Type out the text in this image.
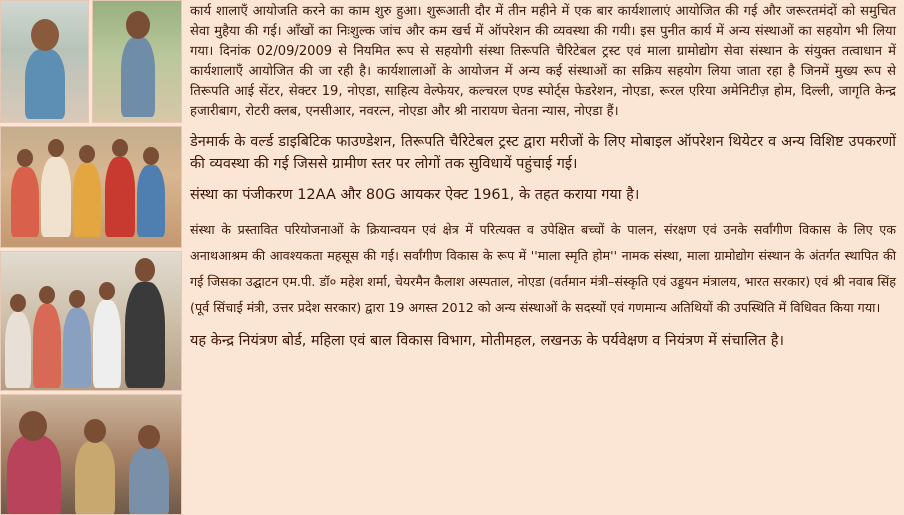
कार्य शालाएँ आयोजति करने का काम शुरु हुआ। शुरूआती दौर में तीन महीने में एक बार कार्यशालाएं आयोजित की गई और जरूरतमंदों को समुचित सेवा मुहैया की गई। आँखों का निःशुल्क जांच और कम खर्च में ऑपरेशन की व्यवस्था की गयी। इस पुनीत कार्य में अन्य संस्थाओं का सहयोग भी लिया गया। दिनांक 02/09/2009 से नियमित रूप से सहयोगी संस्था तिरूपति चैरिटेबल ट्रस्ट एवं माला ग्रामोद्योग सेवा संस्थान के संयुक्त तत्वाधान में कार्यशालाएँ आयोजित की जा रही है। कार्यशालाओं के आयोजन में अन्य कई संस्थाओं का सक्रिय सहयोग लिया जाता रहा है जिनमें मुख्य रूप से तिरूपति आई सेंटर, सेक्टर 19, नोएडा, साहित्य वेल्फेयर, कल्चरल एण्ड स्पोर्ट्स फेडरेशन, नोएडा, रूरल एरिया अमेनिटीज़ होम, दिल्ली, जागृति केन्द्र हजारीबाग, रोटरी क्लब, एनसीआर, नवरत्न, नोएडा और श्री नारायण चेतना न्यास, नोएडा हैं।

डेनमार्क के वर्ल्ड डाइबिटिक फाउण्डेशन, तिरूपति चैरिटेबल ट्रस्ट द्वारा मरीजों के लिए मोबाइल ऑपरेशन थियेटर व अन्य विशिष्ट उपकरणों की व्यवस्था की गई जिससे ग्रामीण स्तर पर लोगों तक सुविधायें पहुंचाई गई।

संस्था का पंजीकरण 12AA और 80G आयकर ऐक्ट 1961, के तहत कराया गया है।

संस्था के प्रस्तावित परियोजनाओं के क्रियान्वयन एवं क्षेत्र में परित्यक्त व उपेक्षित बच्चों के पालन, संरक्षण एवं उनके सर्वांगीण विकास के लिए एक अनाथआश्रम की आवश्यकता महसूस की गई। सर्वांगीण विकास के रूप में ''माला स्मृति होम'' नामक संस्था, माला ग्रामोद्योग संस्थान के अंतर्गत स्थापित की गई जिसका उद्घाटन एम.पी. डॉ० महेश शर्मा, चेयरमैन कैलाश अस्पताल, नोएडा (वर्तमान मंत्री–संस्कृति एवं उड्डयन मंत्रालय, भारत सरकार) एवं श्री नवाब सिंह (पूर्व सिंचाई मंत्री, उत्तर प्रदेश सरकार) द्वारा 19 अगस्त 2012 को अन्य संस्थाओं के सदस्यों एवं गणमान्य अतिथियों की उपस्थिति में विधिवत किया गया।

यह केन्द्र नियंत्रण बोर्ड, महिला एवं बाल विकास विभाग, मोतीमहल, लखनऊ के पर्यवेक्षण व नियंत्रण में संचालित है।
